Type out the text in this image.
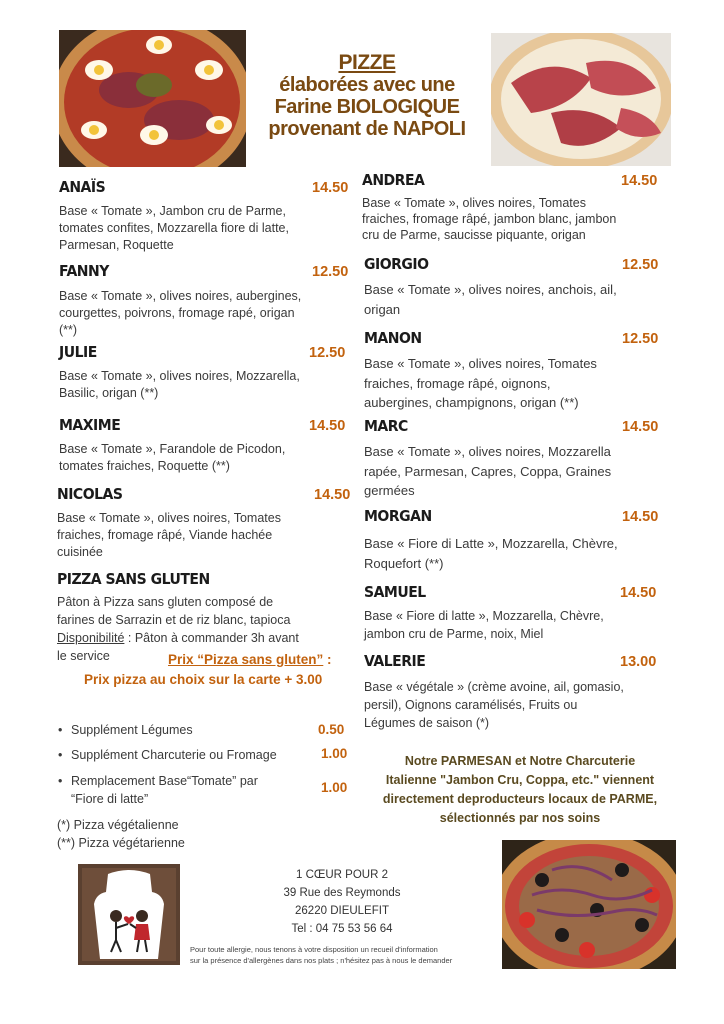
PIZZE
élaborées avec une
Farine BIOLOGIQUE
provenant de NAPOLI
ANAÏS	14.50
Base « Tomate », Jambon cru de Parme,
tomates confites, Mozzarella fiore di latte,
Parmesan, Roquette
FANNY	12.50
Base « Tomate », olives noires, aubergines,
courgettes, poivrons, fromage rapé, origan
(**)
JULIE	12.50
Base « Tomate », olives noires, Mozzarella,
Basilic, origan (**)
MAXIME	14.50
Base « Tomate », Farandole de Picodon,
tomates fraiches, Roquette (**)
NICOLAS	14.50
Base « Tomate », olives noires, Tomates
fraiches, fromage râpé, Viande hachée
cuisinée
PIZZA SANS GLUTEN
Pâton à Pizza sans gluten composé de
farines de Sarrazin et de riz blanc, tapioca
Disponibilité : Pâton à commander 3h avant
le service	Prix “Pizza sans gluten” :
Prix pizza au choix sur la carte + 3.00
• Supplément Légumes	0.50
• Supplément Charcuterie ou Fromage	1.00
• Remplacement Base“Tomate” par
“Fiore di latte”
1.00
(*) Pizza végétalienne
(**) Pizza végétarienne
ANDREA	14.50
Base « Tomate », olives noires, Tomates
fraiches, fromage râpé, jambon blanc, jambon
cru de Parme, saucisse piquante, origan
GIORGIO	12.50
Base « Tomate », olives noires, anchois, ail,
origan
MANON	12.50
Base « Tomate », olives noires, Tomates
fraiches, fromage râpé, oignons,
aubergines, champignons, origan (**)
MARC	14.50
Base « Tomate », olives noires, Mozzarella
rapée, Parmesan, Capres, Coppa, Graines
germées
MORGAN	14.50
Base « Fiore di Latte », Mozzarella, Chèvre,
Roquefort (**)
SAMUEL	14.50
Base « Fiore di latte », Mozzarella, Chèvre,
jambon cru de Parme, noix, Miel
VALERIE	13.00
Base « végétale » (crème avoine, ail, gomasio,
persil), Oignons caramélisés, Fruits ou
Légumes de saison (*)
Notre PARMESAN et Notre Charcuterie
Italienne "Jambon Cru, Coppa, etc." viennent
directement deproducteurs locaux de PARME,
sélectionnés par nos soins
1 CŒUR POUR 2
39 Rue des Reymonds
26220 DIEULEFIT
Tel : 04 75 53 56 64
Pour toute allergie, nous tenons à votre disposition un recueil d'information
sur la présence d'allergènes dans nos plats ; n'hésitez pas à nous le demander
